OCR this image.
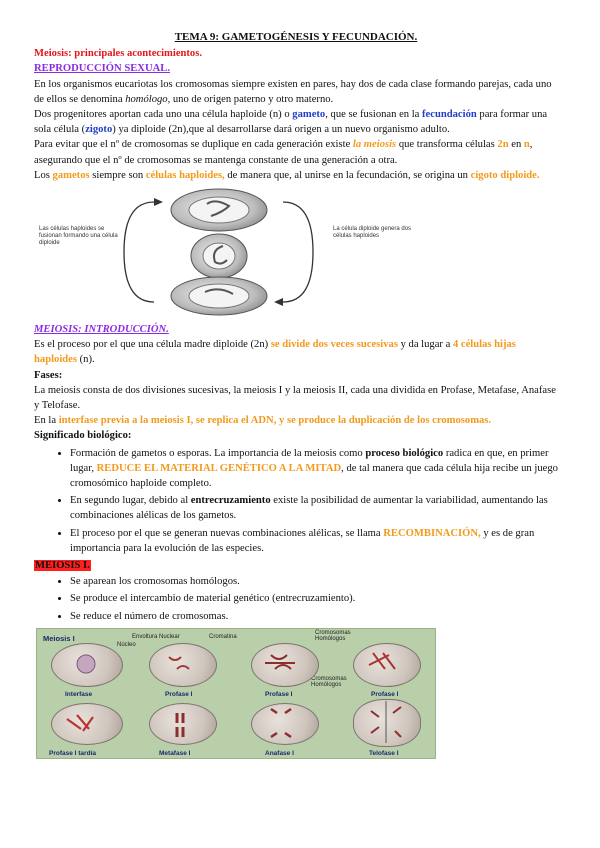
TEMA 9: GAMETOGÉNESIS Y FECUNDACIÓN.
Meiosis: principales acontecimientos.
REPRODUCCIÓN SEXUAL.

En los organismos eucariotas los cromosomas siempre existen en pares, hay dos de cada clase formando parejas, cada uno de ellos se denomina homólogo, uno de origen paterno y otro materno.

Dos progenitores aportan cada uno una célula haploide (n) o gameto, que se fusionan en la fecundación para formar una sola célula (zigoto) ya diploide (2n),que al desarrollarse dará origen a un nuevo organismo adulto.

Para evitar que el nº de cromosomas se duplique en cada generación existe la meiosis que transforma células 2n en n, asegurando que el nº de cromosomas se mantenga constante de una generación a otra.

Los gametos siempre son células haploides, de manera que, al unirse en la fecundación, se origina un cigoto diploide.

Las células haploides se fusionan formando una célula diploide
La célula diploide genera dos células haploides
MEIOSIS: INTRODUCCIÓN.

Es el proceso por el que una célula madre diploide (2n) se divide dos veces sucesivas y da lugar a 4 células hijas haploides (n).

Fases:

La meiosis consta de dos divisiones sucesivas, la meiosis I y la meiosis II, cada una dividida en Profase, Metafase, Anafase y Telofase.

En la interfase previa a la meiosis I, se replica el ADN, y se produce la duplicación de los cromosomas.

Significado biológico:
• Formación de gametos o esporas. La importancia de la meiosis como proceso biológico radica en que, en primer lugar, REDUCE EL MATERIAL GENÉTICO A LA MITAD, de tal manera que cada célula hija recibe un juego cromosómico haploide completo.
• En segundo lugar, debido al entrecruzamiento existe la posibilidad de aumentar la variabilidad, aumentando las combinaciones alélicas de los gametos.
• El proceso por el que se generan nuevas combinaciones alélicas, se llama RECOMBINACIÓN, y es de gran importancia para la evolución de las especies.
MEIOSIS I.
• Se aparean los cromosomas homólogos.
• Se produce el intercambio de material genético (entrecruzamiento).
• Se reduce el número de cromosomas.
Meiosis I	Envoltura Nuclear
Núcleo
Cromatina
Cromosomas Homólogos
Cromosomas Homólogos
Interfase	Profase I	Profase I	Profase I
Profase I tardía	Metafase I	Anafase I	Telofase I
